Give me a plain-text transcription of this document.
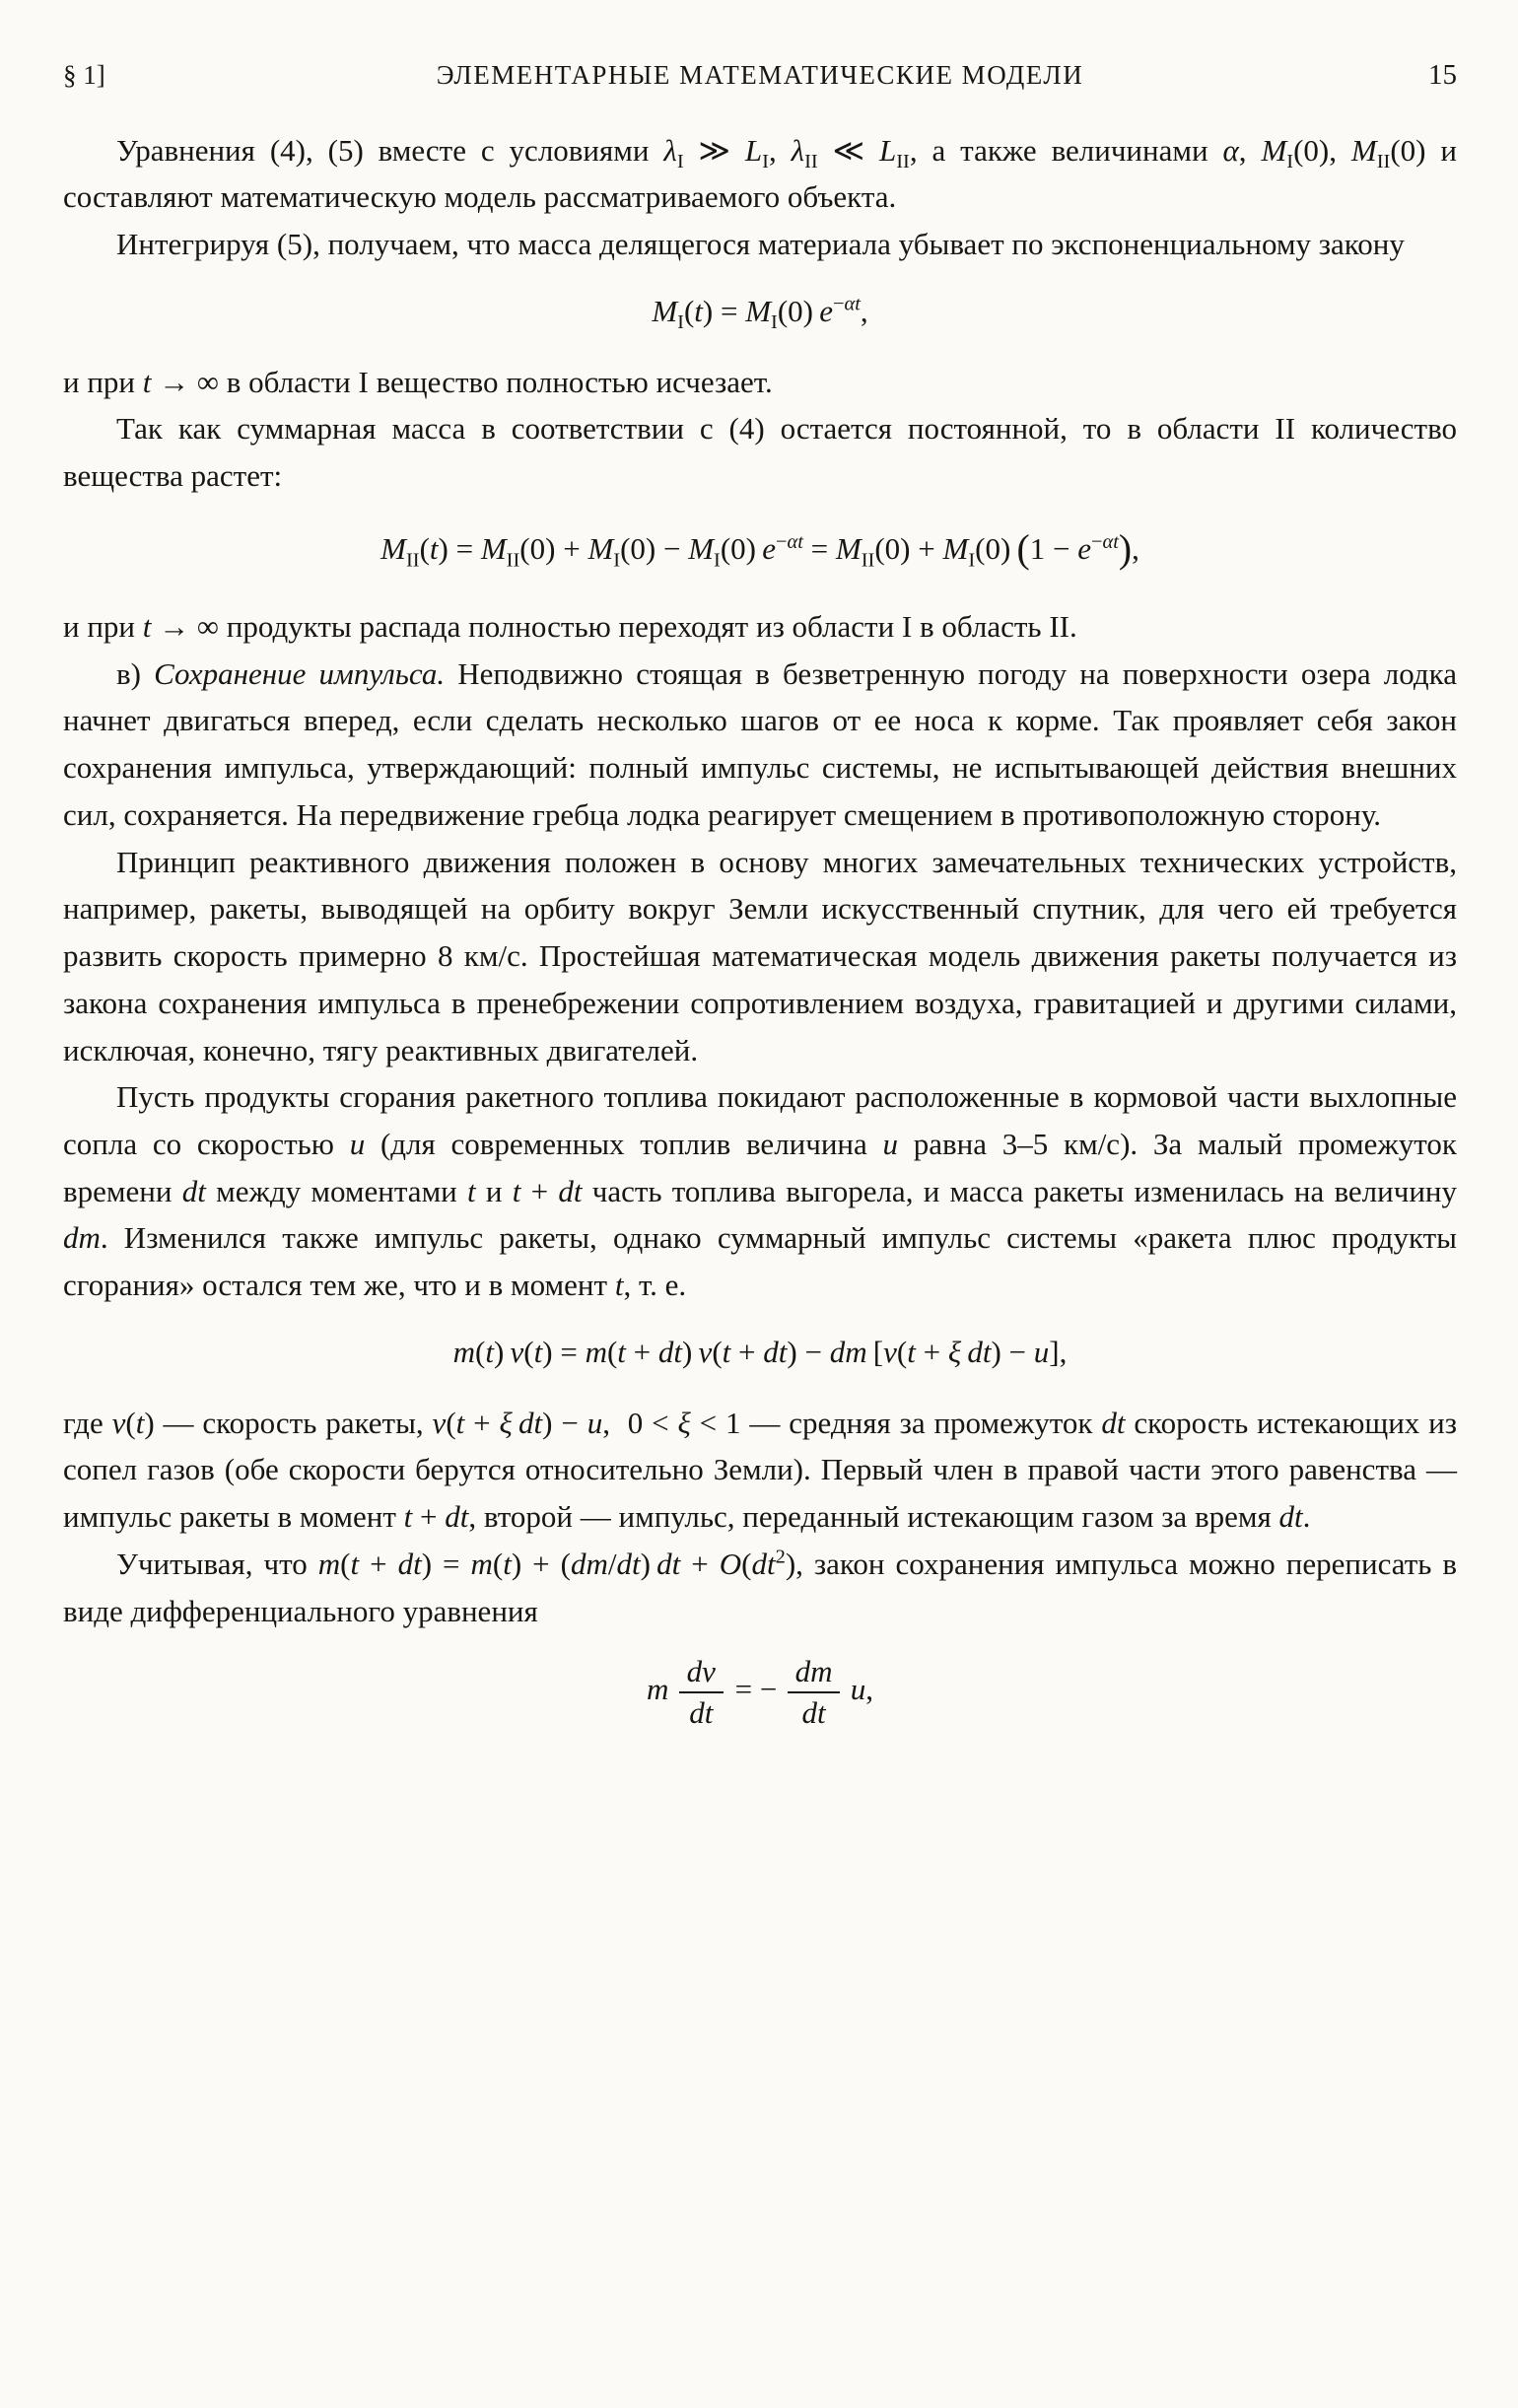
§ 1]	ЭЛЕМЕНТАРНЫЕ МАТЕМАТИЧЕСКИЕ МОДЕЛИ	15

Уравнения (4), (5) вместе с условиями $\lambda_I$ ≫ $L_I$, $\lambda_{II}$ ≪ $L_{II}$, а также величинами α, $M_I(0)$, $M_{II}(0)$ и составляют математическую модель рассматриваемого объекта.

Интегрируя (5), получаем, что масса делящегося материала убывает по экспоненциальному закону

$M_I(t) = M_I(0)$ $e^{-\alpha t}$,

и при t → ∞ в области I вещество полностью исчезает.

Так как суммарная масса в соответствии с (4) остается постоянной, то в области II количество вещества растет:

$M_{II}(t) = M_{II}(0) + M_I(0) - M_I(0) e^{-\alpha t} = M_{II}(0) + M_I(0) (1 - e^{-\alpha t})$,

и при t → ∞ продукты распада полностью переходят из области I в область II.

в) Сохранение импульса. Неподвижно стоящая в безветренную погоду на поверхности озера лодка начнет двигаться вперед, если сделать несколько шагов от ее носа к корме. Так проявляет себя закон сохранения импульса, утверждающий: полный импульс системы, не испытывающей действия внешних сил, сохраняется. На передвижение гребца лодка реагирует смещением в противоположную сторону.

Принцип реактивного движения положен в основу многих замечательных технических устройств, например, ракеты, выводящей на орбиту вокруг Земли искусственный спутник, для чего ей требуется развить скорость примерно 8 км/с. Простейшая математическая модель движения ракеты получается из закона сохранения импульса в пренебрежении сопротивлением воздуха, гравитацией и другими силами, исключая, конечно, тягу реактивных двигателей.

Пусть продукты сгорания ракетного топлива покидают расположенные в кормовой части выхлопные сопла со скоростью u (для современных топлив величина u равна 3–5 км/с). За малый промежуток времени dt между моментами t и t + dt часть топлива выгорела, и масса ракеты изменилась на величину dm. Изменился также импульс ракеты, однако суммарный импульс системы «ракета плюс продукты сгорания» остался тем же, что и в момент t, т. е.

m(t) v(t) = m(t + dt) v(t + dt) − dm [v(t + ξ  dt) − u],

где v(t) — скорость ракеты, v(t + ξ  dt) − u,  0 < ξ < 1 — средняя за промежуток dt скорость истекающих из сопел газов (обе скорости берутся относительно Земли). Первый член в правой части этого равенства — импульс ракеты в момент t + dt, второй — импульс, переданный истекающим газом за время dt.

Учитывая, что m(t + dt) = m(t) + (dm/dt) dt + $O(dt^2)$, закон сохранения импульса можно переписать в виде дифференциального уравнения

m  $\frac{dv}{dt}$ = −  $\frac{dm}{dt}$
  u,
